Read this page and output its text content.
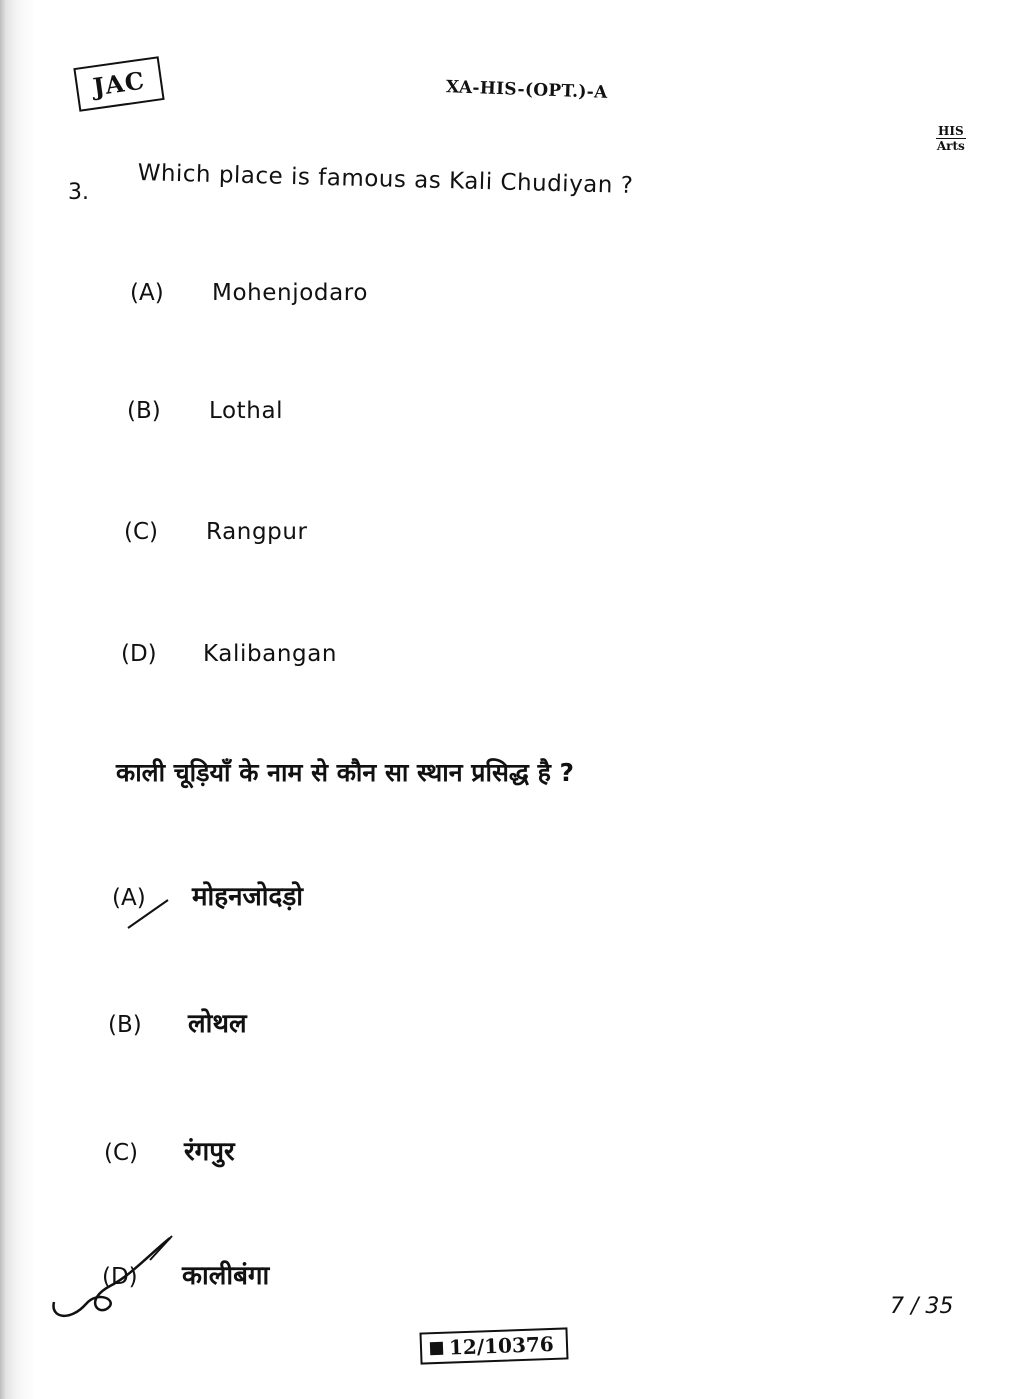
JAC	XA-HIS-(OPT.)-A
HIS
Arts
3. Which place is famous as Kali Chudiyan ?
(A) Mohenjodaro
(B) Lothal
(C) Rangpur
(D) Kalibangan
काली चूड़ियाँ के नाम से कौन सा स्थान प्रसिद्ध है ?
(A) मोहनजोदड़ो
(B) लोथल
(C) रंगपुर
(D) कालीबंगा
7 / 35
12/10376
